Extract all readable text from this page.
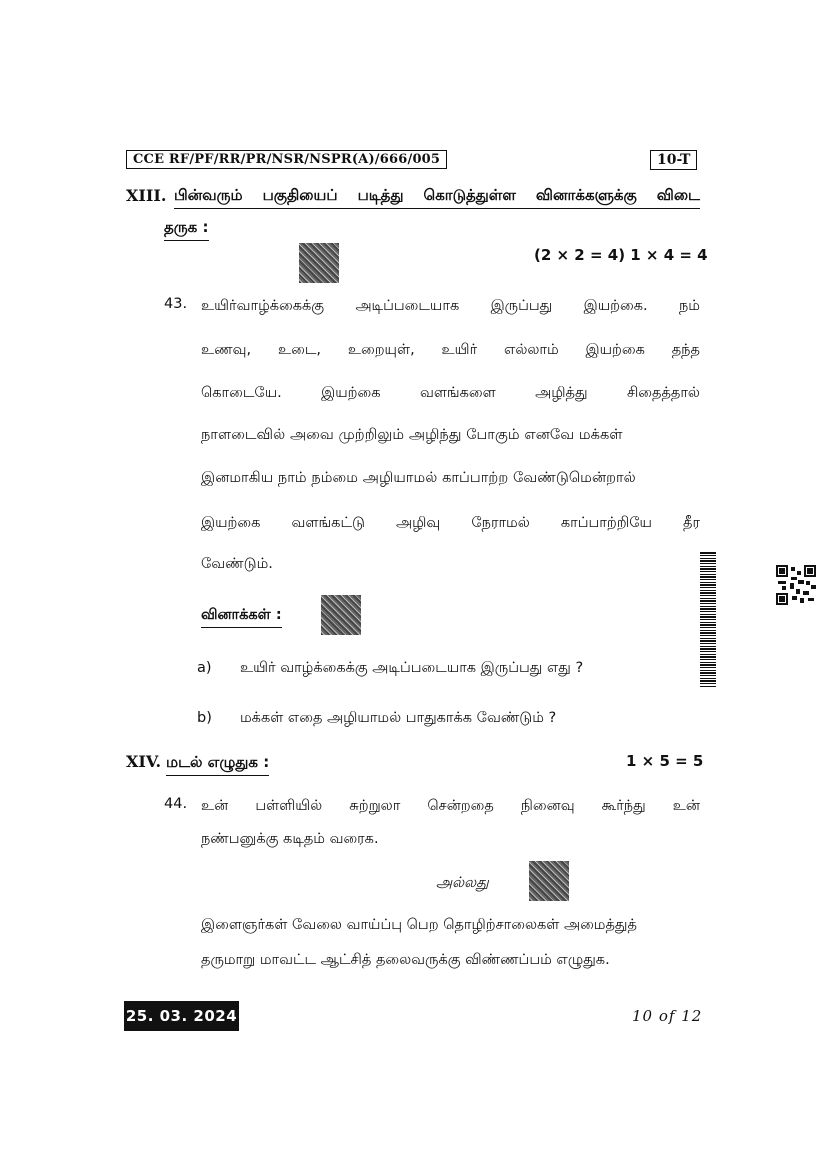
CCE RF/PF/RR/PR/NSR/NSPR(A)/666/005	10-T
XIII. பின்வரும் பகுதியைப் படித்து கொடுத்துள்ள வினாக்களுக்கு விடை
தருக :
(2 × 2 = 4) 1 × 4 = 4
43. உயிர்வாழ்க்கைக்கு அடிப்படையாக இருப்பது இயற்கை. நம்
உணவு, உடை, உறையுள், உயிர் எல்லாம் இயற்கை தந்த
கொடையே.	இயற்கை	வளங்களை	அழித்து	சிதைத்தால்
நாளடைவில் அவை முற்றிலும் அழிந்து போகும் எனவே மக்கள்
இனமாகிய நாம் நம்மை அழியாமல் காப்பாற்ற வேண்டுமென்றால்
இயற்கை வளங்கட்டு அழிவு நேராமல் காப்பாற்றியே தீர
வேண்டும்.
வினாக்கள் :
a) உயிர் வாழ்க்கைக்கு அடிப்படையாக இருப்பது எது ?
b) மக்கள் எதை அழியாமல் பாதுகாக்க வேண்டும் ?
XIV. மடல் எழுதுக :	1 × 5 = 5
44. உன் பள்ளியில் சுற்றுலா சென்றதை நினைவு கூர்ந்து உன்
நண்பனுக்கு கடிதம் வரைக.
அல்லது
இளைஞர்கள் வேலை வாய்ப்பு பெற தொழிற்சாலைகள் அமைத்துத்
தருமாறு மாவட்ட ஆட்சித் தலைவருக்கு விண்ணப்பம் எழுதுக.
25. 03. 2024	10 of 12
